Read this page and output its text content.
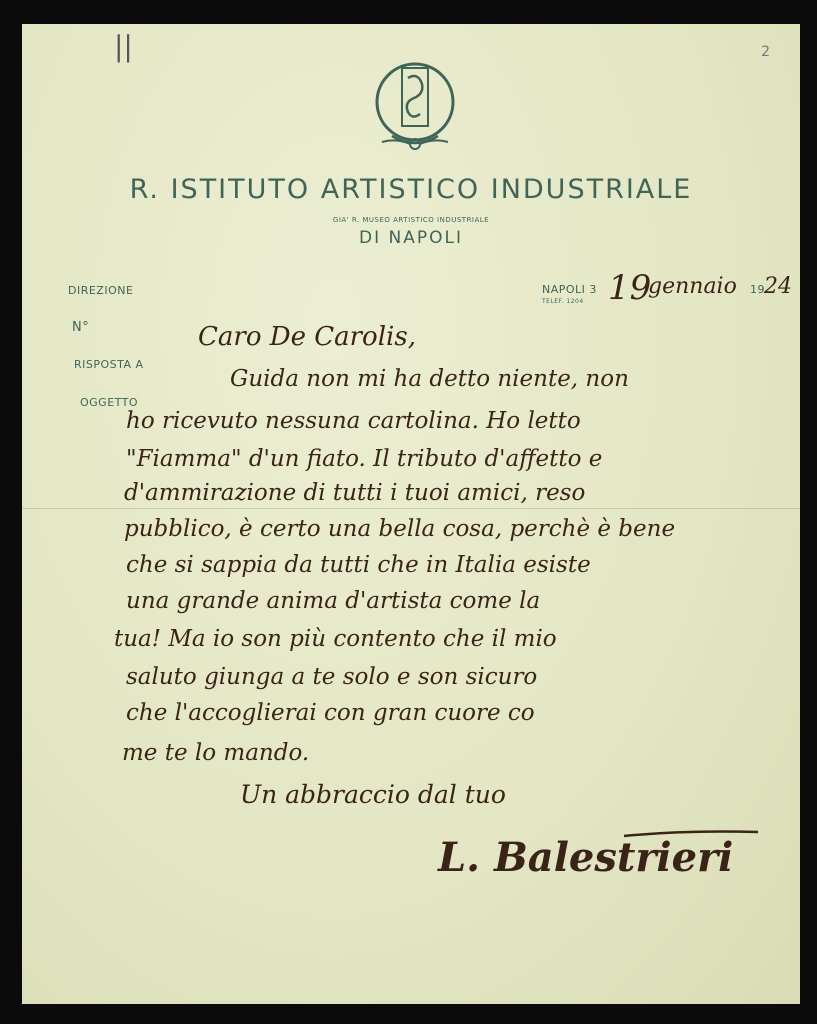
||	2
R. ISTITUTO ARTISTICO INDUSTRIALE
GIA' R. MUSEO ARTISTICO INDUSTRIALE
DI NAPOLI
DIREZIONE
N°
RISPOSTA A
OGGETTO
NAPOLI 3
TELEF. 1204 19
gennaio 19 24
Caro De Carolis,
Guida non mi ha detto niente, non
ho ricevuto nessuna cartolina. Ho letto
"Fiamma" d'un fiato. Il tributo d'affetto e
d'ammirazione di tutti i tuoi amici, reso
pubblico, è certo una bella cosa, perchè è bene
che si sappia da tutti che in Italia esiste
una grande anima d'artista come la
tua! Ma io son più contento che il mio
saluto giunga a te solo e son sicuro
che l'accoglierai con gran cuore co
me te lo mando.
Un abbraccio dal tuo
L. Balestrieri
